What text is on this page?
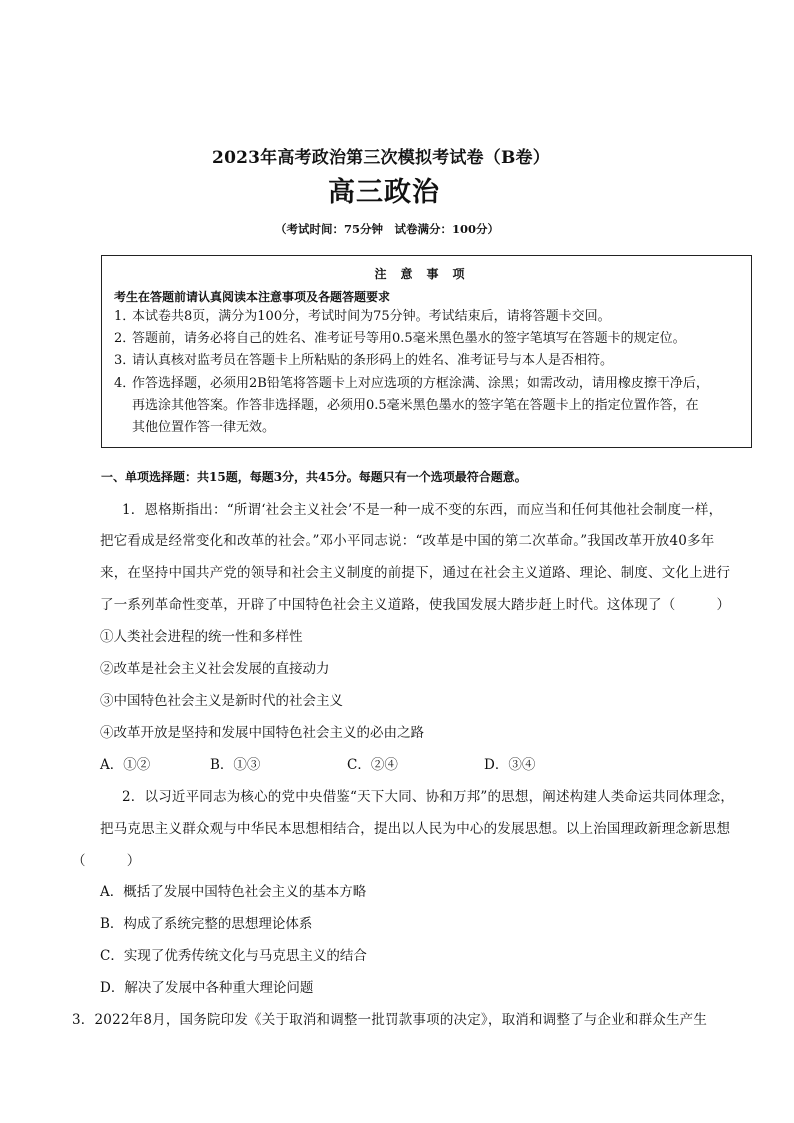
2023年高考政治第三次模拟考试卷（B卷）
高三政治
（考试时间：75分钟　试卷满分：100分）
注意事项
考生在答题前请认真阅读本注意事项及各题答题要求
1．本试卷共8页，满分为100分，考试时间为75分钟。考试结束后，请将答题卡交回。
2．答题前，请务必将自己的姓名、准考证号等用0.5毫米黑色墨水的签字笔填写在答题卡的规定位。
3．请认真核对监考员在答题卡上所粘贴的条形码上的姓名、准考证号与本人是否相符。
4．作答选择题，必须用2B铅笔将答题卡上对应选项的方框涂满、涂黑；如需改动，请用橡皮擦干净后，
再选涂其他答案。作答非选择题，必须用0.5毫米黑色墨水的签字笔在答题卡上的指定位置作答，在
其他位置作答一律无效。
一、单项选择题：共15题，每题3分，共45分。每题只有一个选项最符合题意。
1．恩格斯指出：“所谓‘社会主义社会’不是一种一成不变的东西，而应当和任何其他社会制度一样，
把它看成是经常变化和改革的社会。”邓小平同志说：“改革是中国的第二次革命。”我国改革开放40多年
来，在坚持中国共产党的领导和社会主义制度的前提下，通过在社会主义道路、理论、制度、文化上进行
了一系列革命性变革，开辟了中国特色社会主义道路，使我国发展大踏步赶上时代。这体现了（　　　）
①人类社会进程的统一性和多样性
②改革是社会主义社会发展的直接动力
③中国特色社会主义是新时代的社会主义
④改革开放是坚持和发展中国特色社会主义的必由之路
A．①②	B．①③	C．②④	D．③④
2．以习近平同志为核心的党中央借鉴“天下大同、协和万邦”的思想，阐述构建人类命运共同体理念，
把马克思主义群众观与中华民本思想相结合，提出以人民为中心的发展思想。以上治国理政新理念新思想
（　　　）
A．概括了发展中国特色社会主义的基本方略
B．构成了系统完整的思想理论体系
C．实现了优秀传统文化与马克思主义的结合
D．解决了发展中各种重大理论问题
3．2022年8月，国务院印发《关于取消和调整一批罚款事项的决定》，取消和调整了与企业和群众生产生
